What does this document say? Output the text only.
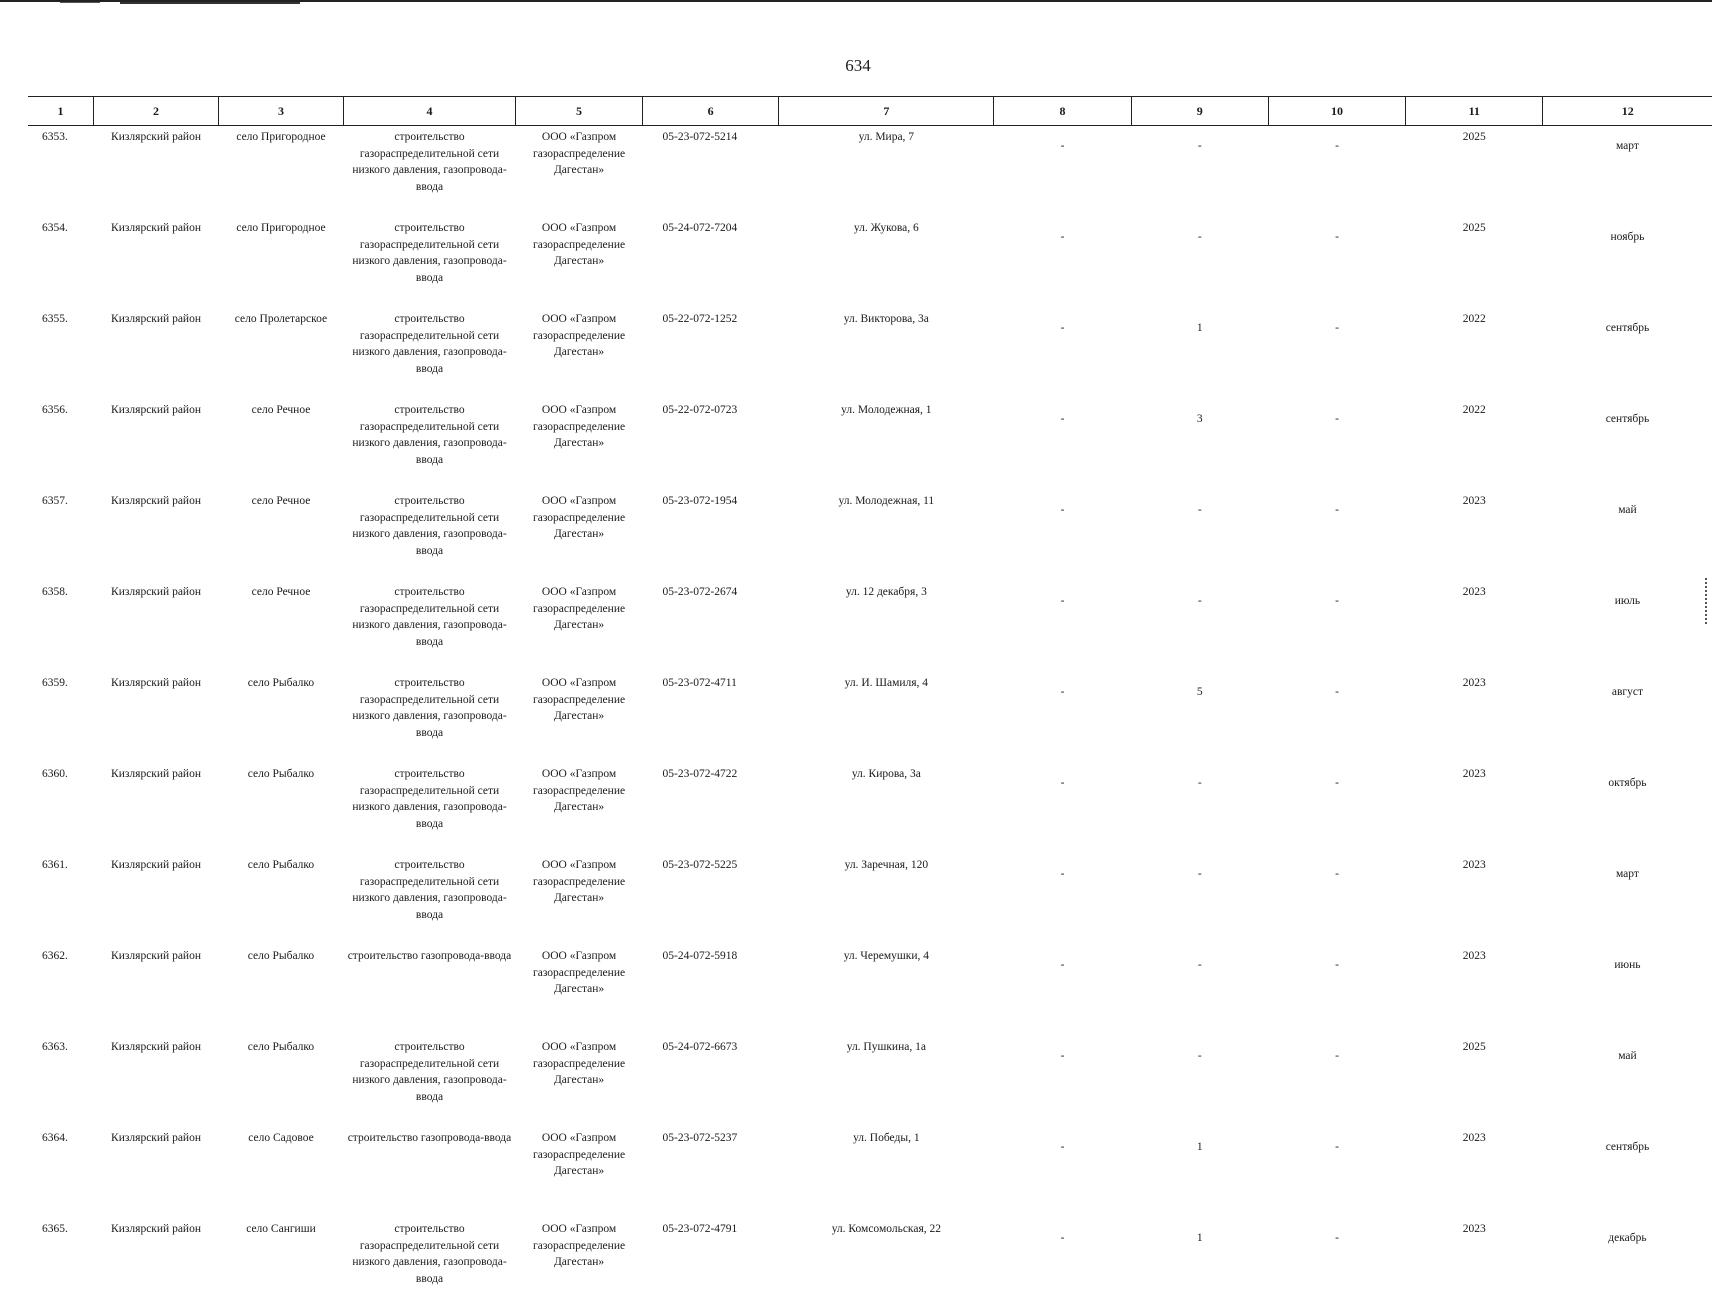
634
1	2	3	4	5	6	7	8	9	10	11	12
6353.	Кизлярский район	село Пригородное	строительство газораспределительной сети низкого давления, газопровода-ввода	ООО «Газпром газораспределение Дагестан»	05-23-072-5214	ул. Мира, 7	-	-	-	2025	март
6354.	Кизлярский район	село Пригородное	строительство газораспределительной сети низкого давления, газопровода-ввода	ООО «Газпром газораспределение Дагестан»	05-24-072-7204	ул. Жукова, 6	-	-	-	2025	ноябрь
6355.	Кизлярский район	село Пролетарское	строительство газораспределительной сети низкого давления, газопровода-ввода	ООО «Газпром газораспределение Дагестан»	05-22-072-1252	ул. Викторова, 3а	-	1	-	2022	сентябрь
6356.	Кизлярский район	село Речное	строительство газораспределительной сети низкого давления, газопровода-ввода	ООО «Газпром газораспределение Дагестан»	05-22-072-0723	ул. Молодежная, 1	-	3	-	2022	сентябрь
6357.	Кизлярский район	село Речное	строительство газораспределительной сети низкого давления, газопровода-ввода	ООО «Газпром газораспределение Дагестан»	05-23-072-1954	ул. Молодежная, 11	-	-	-	2023	май
6358.	Кизлярский район	село Речное	строительство газораспределительной сети низкого давления, газопровода-ввода	ООО «Газпром газораспределение Дагестан»	05-23-072-2674	ул. 12 декабря, 3	-	-	-	2023	июль
6359.	Кизлярский район	село Рыбалко	строительство газораспределительной сети низкого давления, газопровода-ввода	ООО «Газпром газораспределение Дагестан»	05-23-072-4711	ул. И. Шамиля, 4	-	5	-	2023	август
6360.	Кизлярский район	село Рыбалко	строительство газораспределительной сети низкого давления, газопровода-ввода	ООО «Газпром газораспределение Дагестан»	05-23-072-4722	ул. Кирова, 3а	-	-	-	2023	октябрь
6361.	Кизлярский район	село Рыбалко	строительство газораспределительной сети низкого давления, газопровода-ввода	ООО «Газпром газораспределение Дагестан»	05-23-072-5225	ул. Заречная, 120	-	-	-	2023	март
6362.	Кизлярский район	село Рыбалко	строительство газопровода-ввода	ООО «Газпром газораспределение Дагестан»	05-24-072-5918	ул. Черемушки, 4	-	-	-	2023	июнь
6363.	Кизлярский район	село Рыбалко	строительство газораспределительной сети низкого давления, газопровода-ввода	ООО «Газпром газораспределение Дагестан»	05-24-072-6673	ул. Пушкина, 1а	-	-	-	2025	май
6364.	Кизлярский район	село Садовое	строительство газопровода-ввода	ООО «Газпром газораспределение Дагестан»	05-23-072-5237	ул. Победы, 1	-	1	-	2023	сентябрь
6365.	Кизлярский район	село Сангиши	строительство газораспределительной сети низкого давления, газопровода-ввода	ООО «Газпром газораспределение Дагестан»	05-23-072-4791	ул. Комсомольская, 22	-	1	-	2023	декабрь
